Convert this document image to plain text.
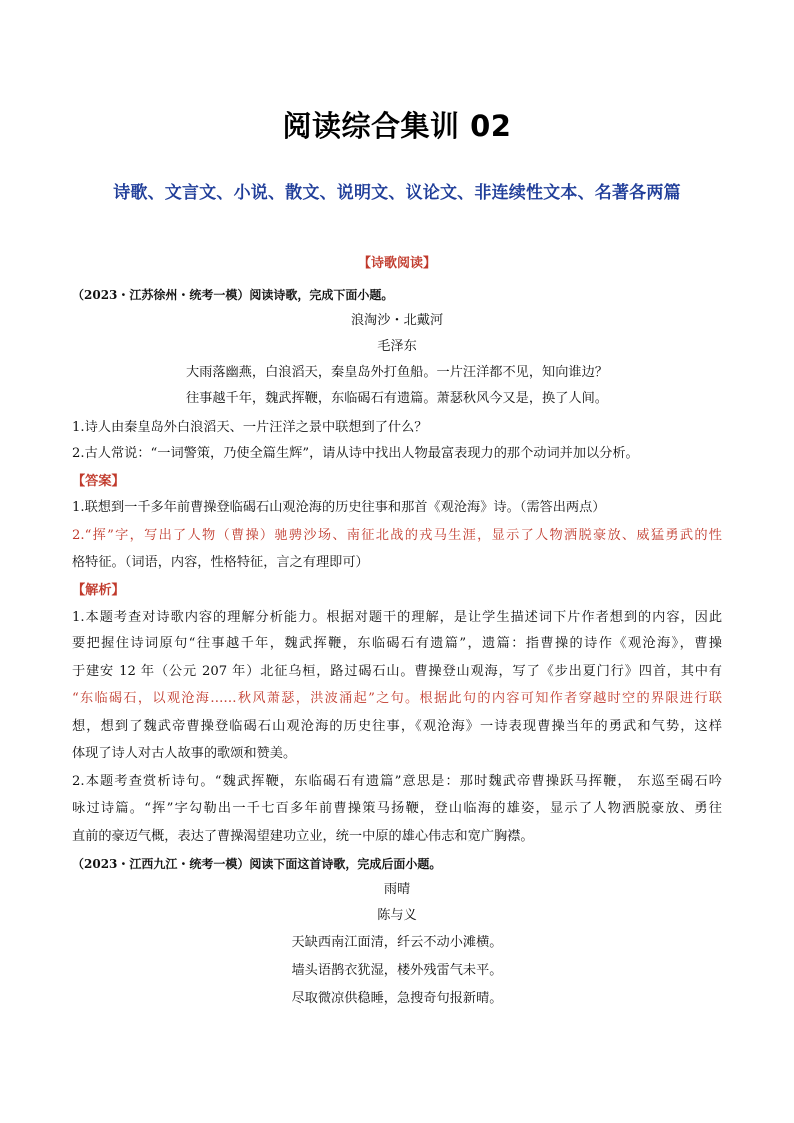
阅读综合集训 02
诗歌、文言文、小说、散文、说明文、议论文、非连续性文本、名著各两篇
【诗歌阅读】
（2023・江苏徐州・统考一模）阅读诗歌，完成下面小题。
浪淘沙・北戴河
毛泽东
大雨落幽燕，白浪滔天，秦皇岛外打鱼船。一片汪洋都不见，知向谁边？
往事越千年，魏武挥鞭，东临碣石有遗篇。萧瑟秋风今又是，换了人间。
1.诗人由秦皇岛外白浪滔天、一片汪洋之景中联想到了什么？
2.古人常说：“一词警策，乃使全篇生辉”，请从诗中找出人物最富表现力的那个动词并加以分析。
【答案】
1.联想到一千多年前曹操登临碣石山观沧海的历史往事和那首《观沧海》诗。（需答出两点）
2.“挥”字，写出了人物（曹操）驰骋沙场、南征北战的戎马生涯，显示了人物洒脱豪放、威猛勇武的性
格特征。（词语，内容，性格特征，言之有理即可）
【解析】
1.本题考查对诗歌内容的理解分析能力。根据对题干的理解，是让学生描述词下片作者想到的内容，因此
要把握住诗词原句“往事越千年，魏武挥鞭，东临碣石有遗篇”，遗篇：指曹操的诗作《观沧海》，曹操
于建安 12 年（公元 207 年）北征乌桓，路过碣石山。曹操登山观海，写了《步出夏门行》四首，其中有
“东临碣石，以观沧海……秋风萧瑟，洪波涌起”之句。根据此句的内容可知作者穿越时空的界限进行联
想，想到了魏武帝曹操登临碣石山观沧海的历史往事，《观沧海》一诗表现曹操当年的勇武和气势，这样
体现了诗人对古人故事的歌颂和赞美。
2.本题考查赏析诗句。“魏武挥鞭，东临碣石有遗篇”意思是：那时魏武帝曹操跃马挥鞭， 东巡至碣石吟
咏过诗篇。“挥”字勾勒出一千七百多年前曹操策马扬鞭，登山临海的雄姿，显示了人物洒脱豪放、勇往
直前的豪迈气概，表达了曹操渴望建功立业，统一中原的雄心伟志和宽广胸襟。
（2023・江西九江・统考一模）阅读下面这首诗歌，完成后面小题。
雨晴
陈与义
天缺西南江面清，纤云不动小滩横。
墙头语鹊衣犹湿，楼外残雷气未平。
尽取微凉供稳睡，急搜奇句报新晴。
